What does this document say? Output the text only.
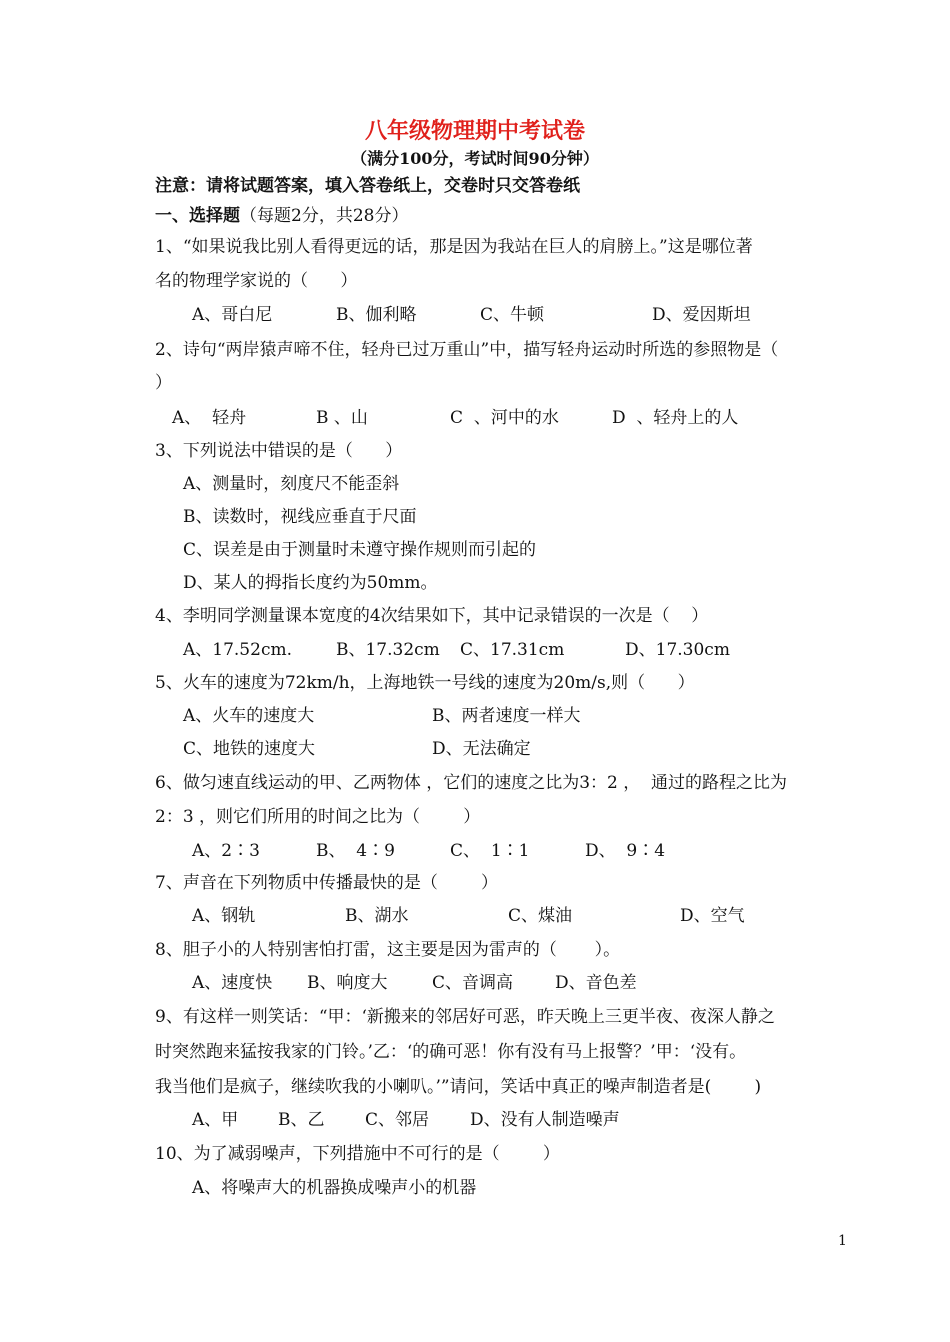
八年级物理期中考试卷
（满分100分，考试时间90分钟）
注意：请将试题答案，填入答卷纸上，交卷时只交答卷纸
一、选择题（每题2分，共28分）
1、“如果说我比别人看得更远的话，那是因为我站在巨人的肩膀上。”这是哪位著
名的物理学家说的（      ）
A、哥白尼	B、伽利略	C、牛顿	D、爱因斯坦
2、诗句“两岸猿声啼不住，轻舟已过万重山”中，描写轻舟运动时所选的参照物是（
）
A、  轻舟	B 、山	C  、河中的水	D  、轻舟上的人
3、下列说法中错误的是（      ）
A、测量时，刻度尺不能歪斜
B、读数时，视线应垂直于尺面
C、误差是由于测量时未遵守操作规则而引起的
D、某人的拇指长度约为50mm。
4、李明同学测量课本宽度的4次结果如下，其中记录错误的一次是（    ）
A、17.52cm.	B、17.32cm C、17.31cm	D、17.30cm
5、火车的速度为72km/h，上海地铁一号线的速度为20m/s,则（      ）
A、火车的速度大	B、两者速度一样大
C、地铁的速度大	D、无法确定
6、做匀速直线运动的甲、乙两物体 ，它们的速度之比为3：2 ，  通过的路程之比为
2：3 ，则它们所用的时间之比为（        ）
A、2∶3	B、  4∶9	C、  1∶1	D、  9∶4
7、声音在下列物质中传播最快的是（        ）
A、钢轨	B、湖水	C、煤油	D、空气
8、胆子小的人特别害怕打雷，这主要是因为雷声的（       ）。
A、速度快 B、响度大	C、音调高 D、音色差
9、有这样一则笑话：“甲：‘新搬来的邻居好可恶，昨天晚上三更半夜、夜深人静之
时突然跑来猛按我家的门铃。’乙：‘的确可恶！你有没有马上报警？’甲：‘没有。
我当他们是疯子，继续吹我的小喇叭。’”请问，笑话中真正的噪声制造者是(        )
A、甲 B、乙 C、邻居 D、没有人制造噪声
10、为了减弱噪声，下列措施中不可行的是（        ）
A、将噪声大的机器换成噪声小的机器
1
